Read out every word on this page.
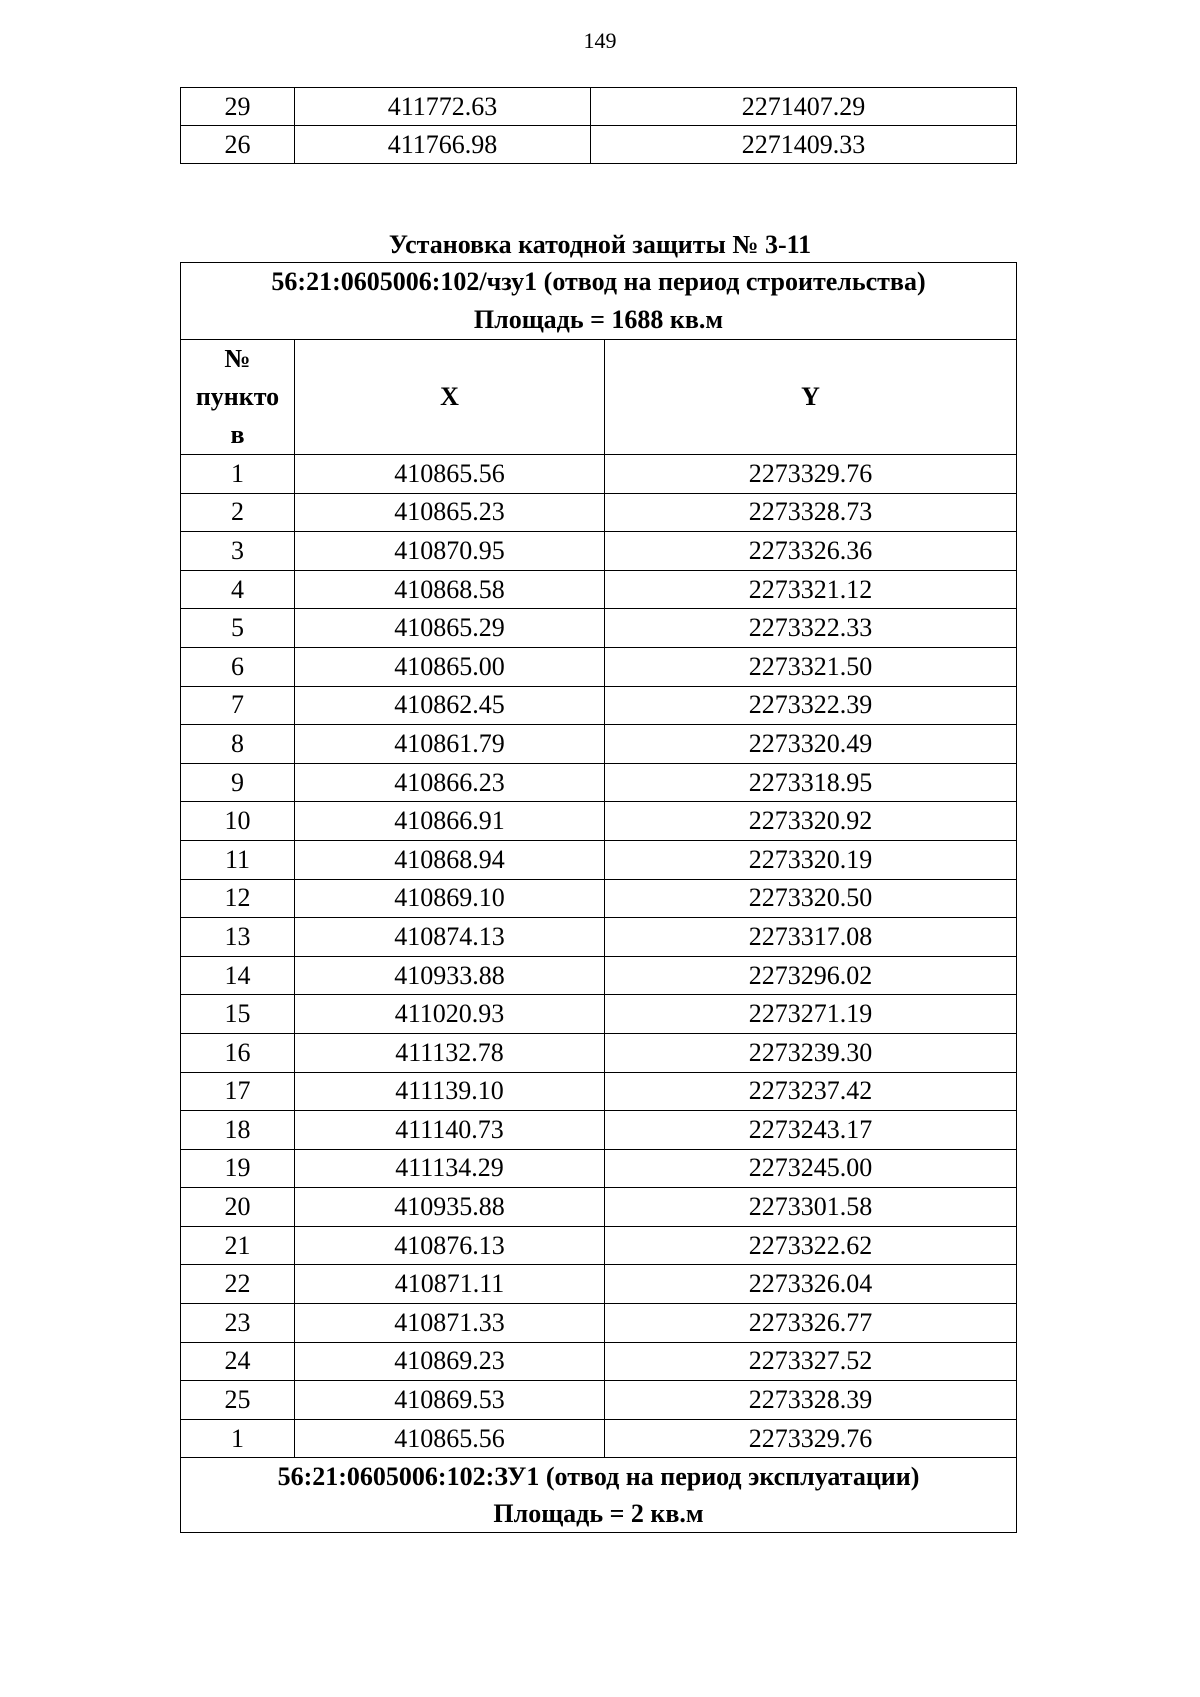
149
29	411772.63	2271407.29
26	411766.98	2271409.33
Установка катодной защиты № 3-11
56:21:0605006:102/чзу1 (отвод на период строительства)
Площадь = 1688 кв.м		

№
пункто
в	X	Y
1	410865.56	2273329.76
2	410865.23	2273328.73
3	410870.95	2273326.36
4	410868.58	2273321.12
5	410865.29	2273322.33
6	410865.00	2273321.50
7	410862.45	2273322.39
8	410861.79	2273320.49
9	410866.23	2273318.95
10	410866.91	2273320.92
11	410868.94	2273320.19
12	410869.10	2273320.50
13	410874.13	2273317.08
14	410933.88	2273296.02
15	411020.93	2273271.19
16	411132.78	2273239.30
17	411139.10	2273237.42
18	411140.73	2273243.17
19	411134.29	2273245.00
20	410935.88	2273301.58
21	410876.13	2273322.62
22	410871.11	2273326.04
23	410871.33	2273326.77
24	410869.23	2273327.52
25	410869.53	2273328.39
1	410865.56	2273329.76

56:21:0605006:102:ЗУ1 (отвод на период эксплуатации)
Площадь = 2 кв.м		
